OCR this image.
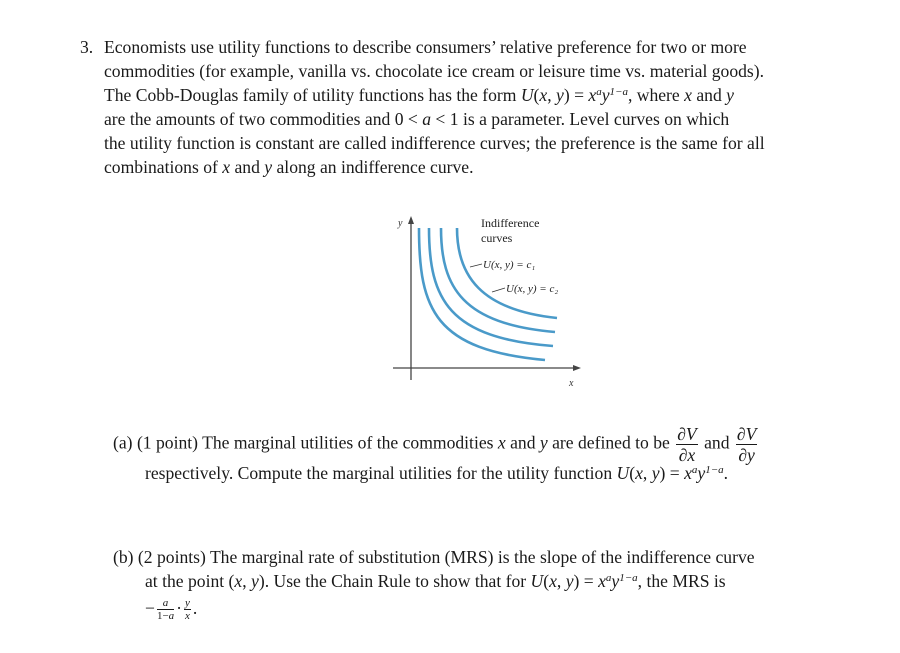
3. Economists use utility functions to describe consumers’ relative preference for two or more
commodities (for example, vanilla vs. chocolate ice cream or leisure time vs. material goods).
The Cobb-Douglas family of utility functions has the form U(x, $y) = x^ay^{1-a}$, where x and y
are the amounts of two commodities and 0 < a < 1 is a parameter. Level curves on which
the utility function is constant are called indifference curves; the preference is the same for all
combinations of x and y along an indifference curve.
y
x
Indifference
curves
U(x, y) = c₁
U(x, y) = c₂
(a) (1 point) The marginal utilities of the commodities x and y are defined to be $\frac{\partial V}{\partial x}$ and $\frac{\partial V}{\partial y}$
respectively. Compute the marginal utilities for the utility function U(x, $y) = x^ay^{1-a}$.
(b) (2 points) The marginal rate of substitution (MRS) is the slope of the indifference curve
at the point (x, y). Use the Chain Rule to show that for U(x, $y) = x^ay^{1-a}$, the MRS is
− $\frac{a}{1-a} \cdot \frac{y}{x}$ .
